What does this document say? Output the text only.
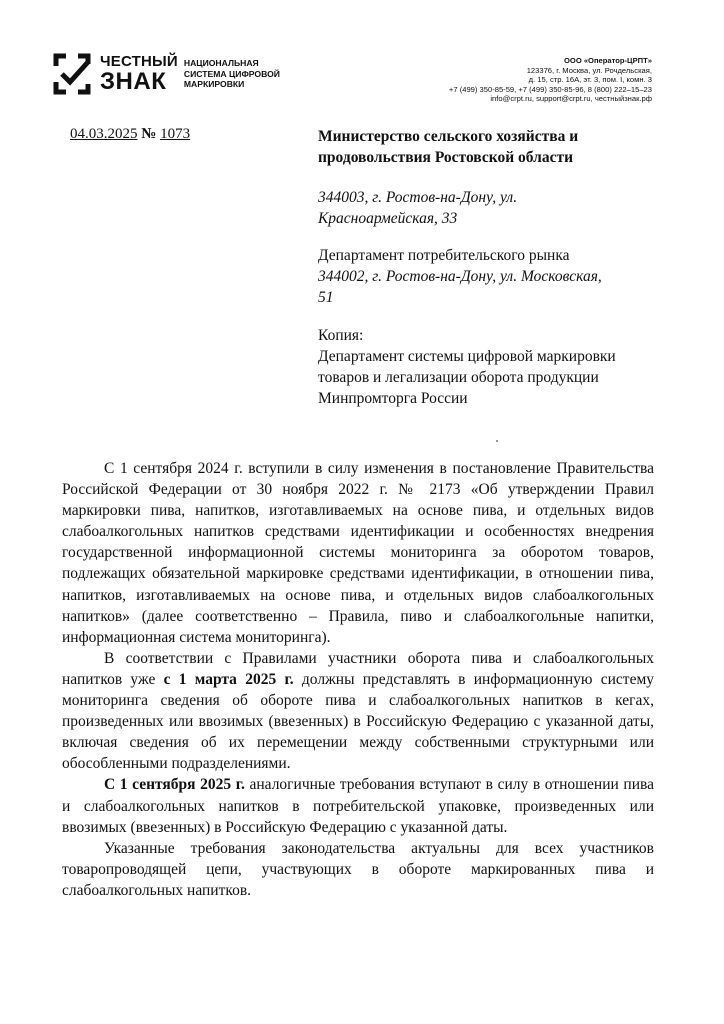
ЧЕСТНЫЙ
ЗНАК
НАЦИОНАЛЬНАЯ
СИСТЕМА ЦИФРОВОЙ
МАРКИРОВКИ
ООО «Оператор-ЦРПТ»
123376, г. Москва, ул. Рочдельская,
д. 15, стр. 16А, эт. 3, пом. I, комн. 3
+7 (499) 350-85-59, +7 (499) 350-85-96, 8 (800) 222–15–23
info@crpt.ru, support@crpt.ru, честныйзнак.рф
04.03.2025 № 1073	Министерство сельского хозяйства и
продовольствия Ростовской области
344003, г. Ростов-на-Дону, ул.
Красноармейская, 33
Департамент потребительского рынка
344002, г. Ростов-на-Дону, ул. Московская,
51
Копия:
Департамент системы цифровой маркировки
товаров и легализации оборота продукции
Минпромторга России

С 1 сентября 2024 г. вступили в силу изменения в постановление Правительства Российской Федерации от 30 ноября 2022 г. № 2173 «Об утверждении Правил маркировки пива, напитков, изготавливаемых на основе пива, и отдельных видов слабоалкогольных напитков средствами идентификации и особенностях внедрения государственной информационной системы мониторинга за оборотом товаров, подлежащих обязательной маркировке средствами идентификации, в отношении пива, напитков, изготавливаемых на основе пива, и отдельных видов слабоалкогольных напитков» (далее соответственно – Правила, пиво и слабоалкогольные напитки, информационная система мониторинга).

В соответствии с Правилами участники оборота пива и слабоалкогольных напитков уже с 1 марта 2025 г. должны представлять в информационную систему мониторинга сведения об обороте пива и слабоалкогольных напитков в кегах, произведенных или ввозимых (ввезенных) в Российскую Федерацию с указанной даты, включая сведения об их перемещении между собственными структурными или обособленными подразделениями.

С 1 сентября 2025 г. аналогичные требования вступают в силу в отношении пива и слабоалкогольных напитков в потребительской упаковке, произведенных или ввозимых (ввезенных) в Российскую Федерацию с указанной даты.

Указанные требования законодательства актуальны для всех участников товаропроводящей цепи, участвующих в обороте маркированных пива и слабоалкогольных напитков.
